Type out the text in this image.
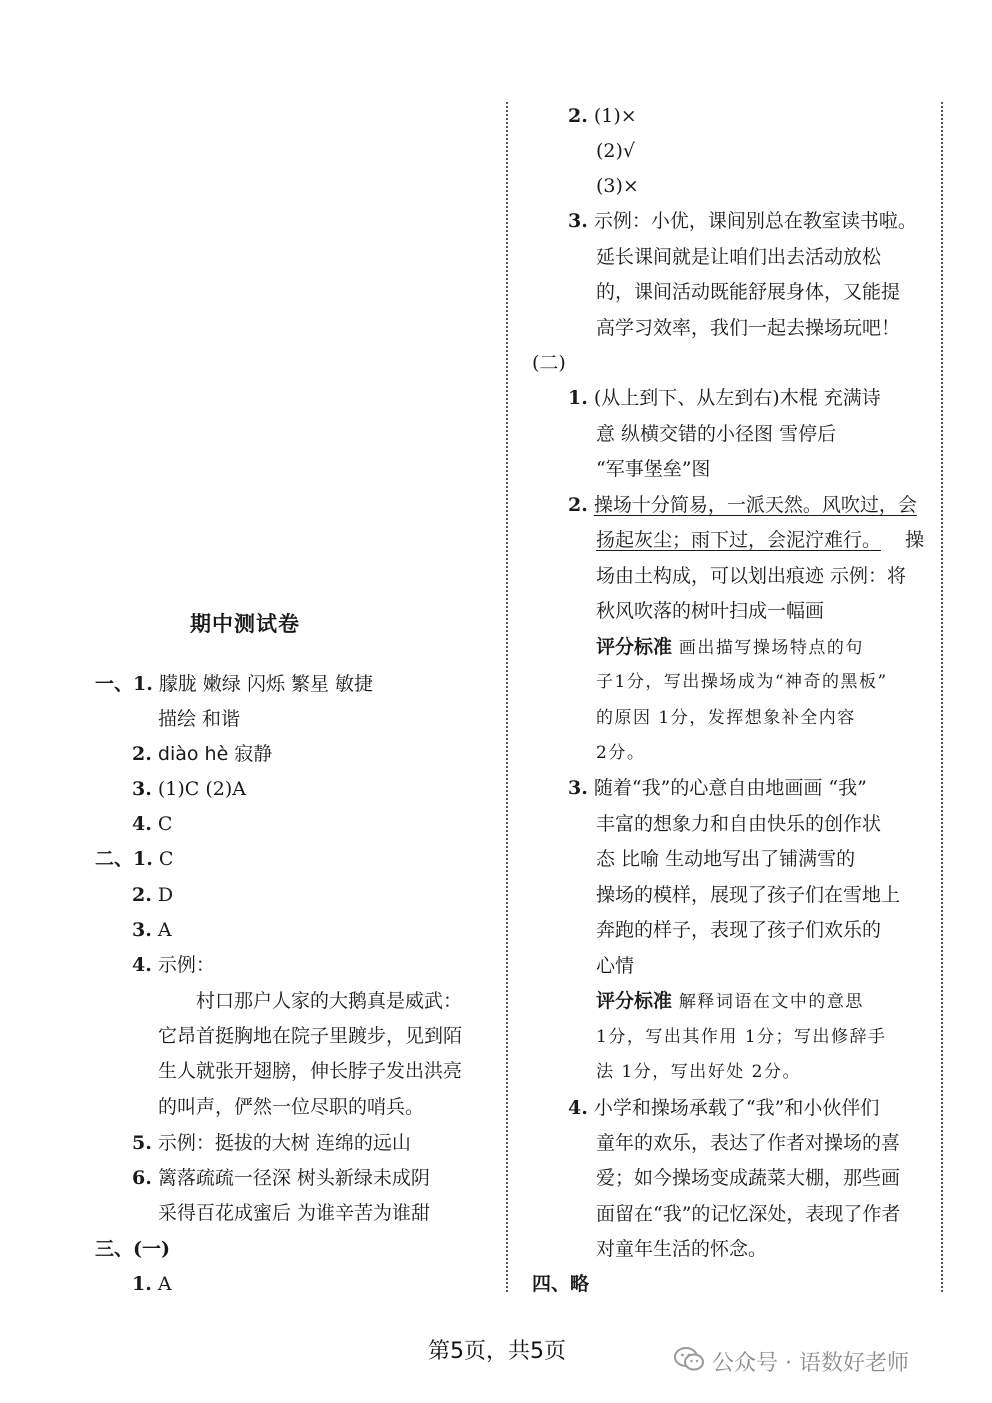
期中测试卷
一、1. 朦胧 嫩绿 闪烁 繁星 敏捷
描绘 和谐
2. diào hè 寂静
3. (1)C (2)A
4. C
二、1. C
2. D
3. A
4. 示例：
村口那户人家的大鹅真是威武：
它昂首挺胸地在院子里踱步，见到陌
生人就张开翅膀，伸长脖子发出洪亮
的叫声，俨然一位尽职的哨兵。
5. 示例：挺拔的大树 连绵的远山
6. 篱落疏疏一径深 树头新绿未成阴
采得百花成蜜后 为谁辛苦为谁甜
三、(一)
1. A
2. (1)×
(2)√
(3)×
3. 示例：小优，课间别总在教室读书啦。
延长课间就是让咱们出去活动放松
的，课间活动既能舒展身体，又能提
高学习效率，我们一起去操场玩吧！
(二)
1. (从上到下、从左到右)木棍 充满诗
意 纵横交错的小径图 雪停后
“军事堡垒”图
2. 操场十分简易，一派天然。风吹过，会
扬起灰尘；雨下过，会泥泞难行。    操
场由土构成，可以划出痕迹 示例：将
秋风吹落的树叶扫成一幅画
评分标准 画出描写操场特点的句
子1分，写出操场成为“神奇的黑板”
的原因 1分，发挥想象补全内容
2分。
3. 随着“我”的心意自由地画画 “我”
丰富的想象力和自由快乐的创作状
态 比喻 生动地写出了铺满雪的
操场的模样，展现了孩子们在雪地上
奔跑的样子，表现了孩子们欢乐的
心情
评分标准 解释词语在文中的意思
1分，写出其作用 1分；写出修辞手
法 1分，写出好处 2分。
4. 小学和操场承载了“我”和小伙伴们
童年的欢乐，表达了作者对操场的喜
爱；如今操场变成蔬菜大棚，那些画
面留在“我”的记忆深处，表现了作者
对童年生活的怀念。
四、略
第5页，共5页	公众号 · 语数好老师
